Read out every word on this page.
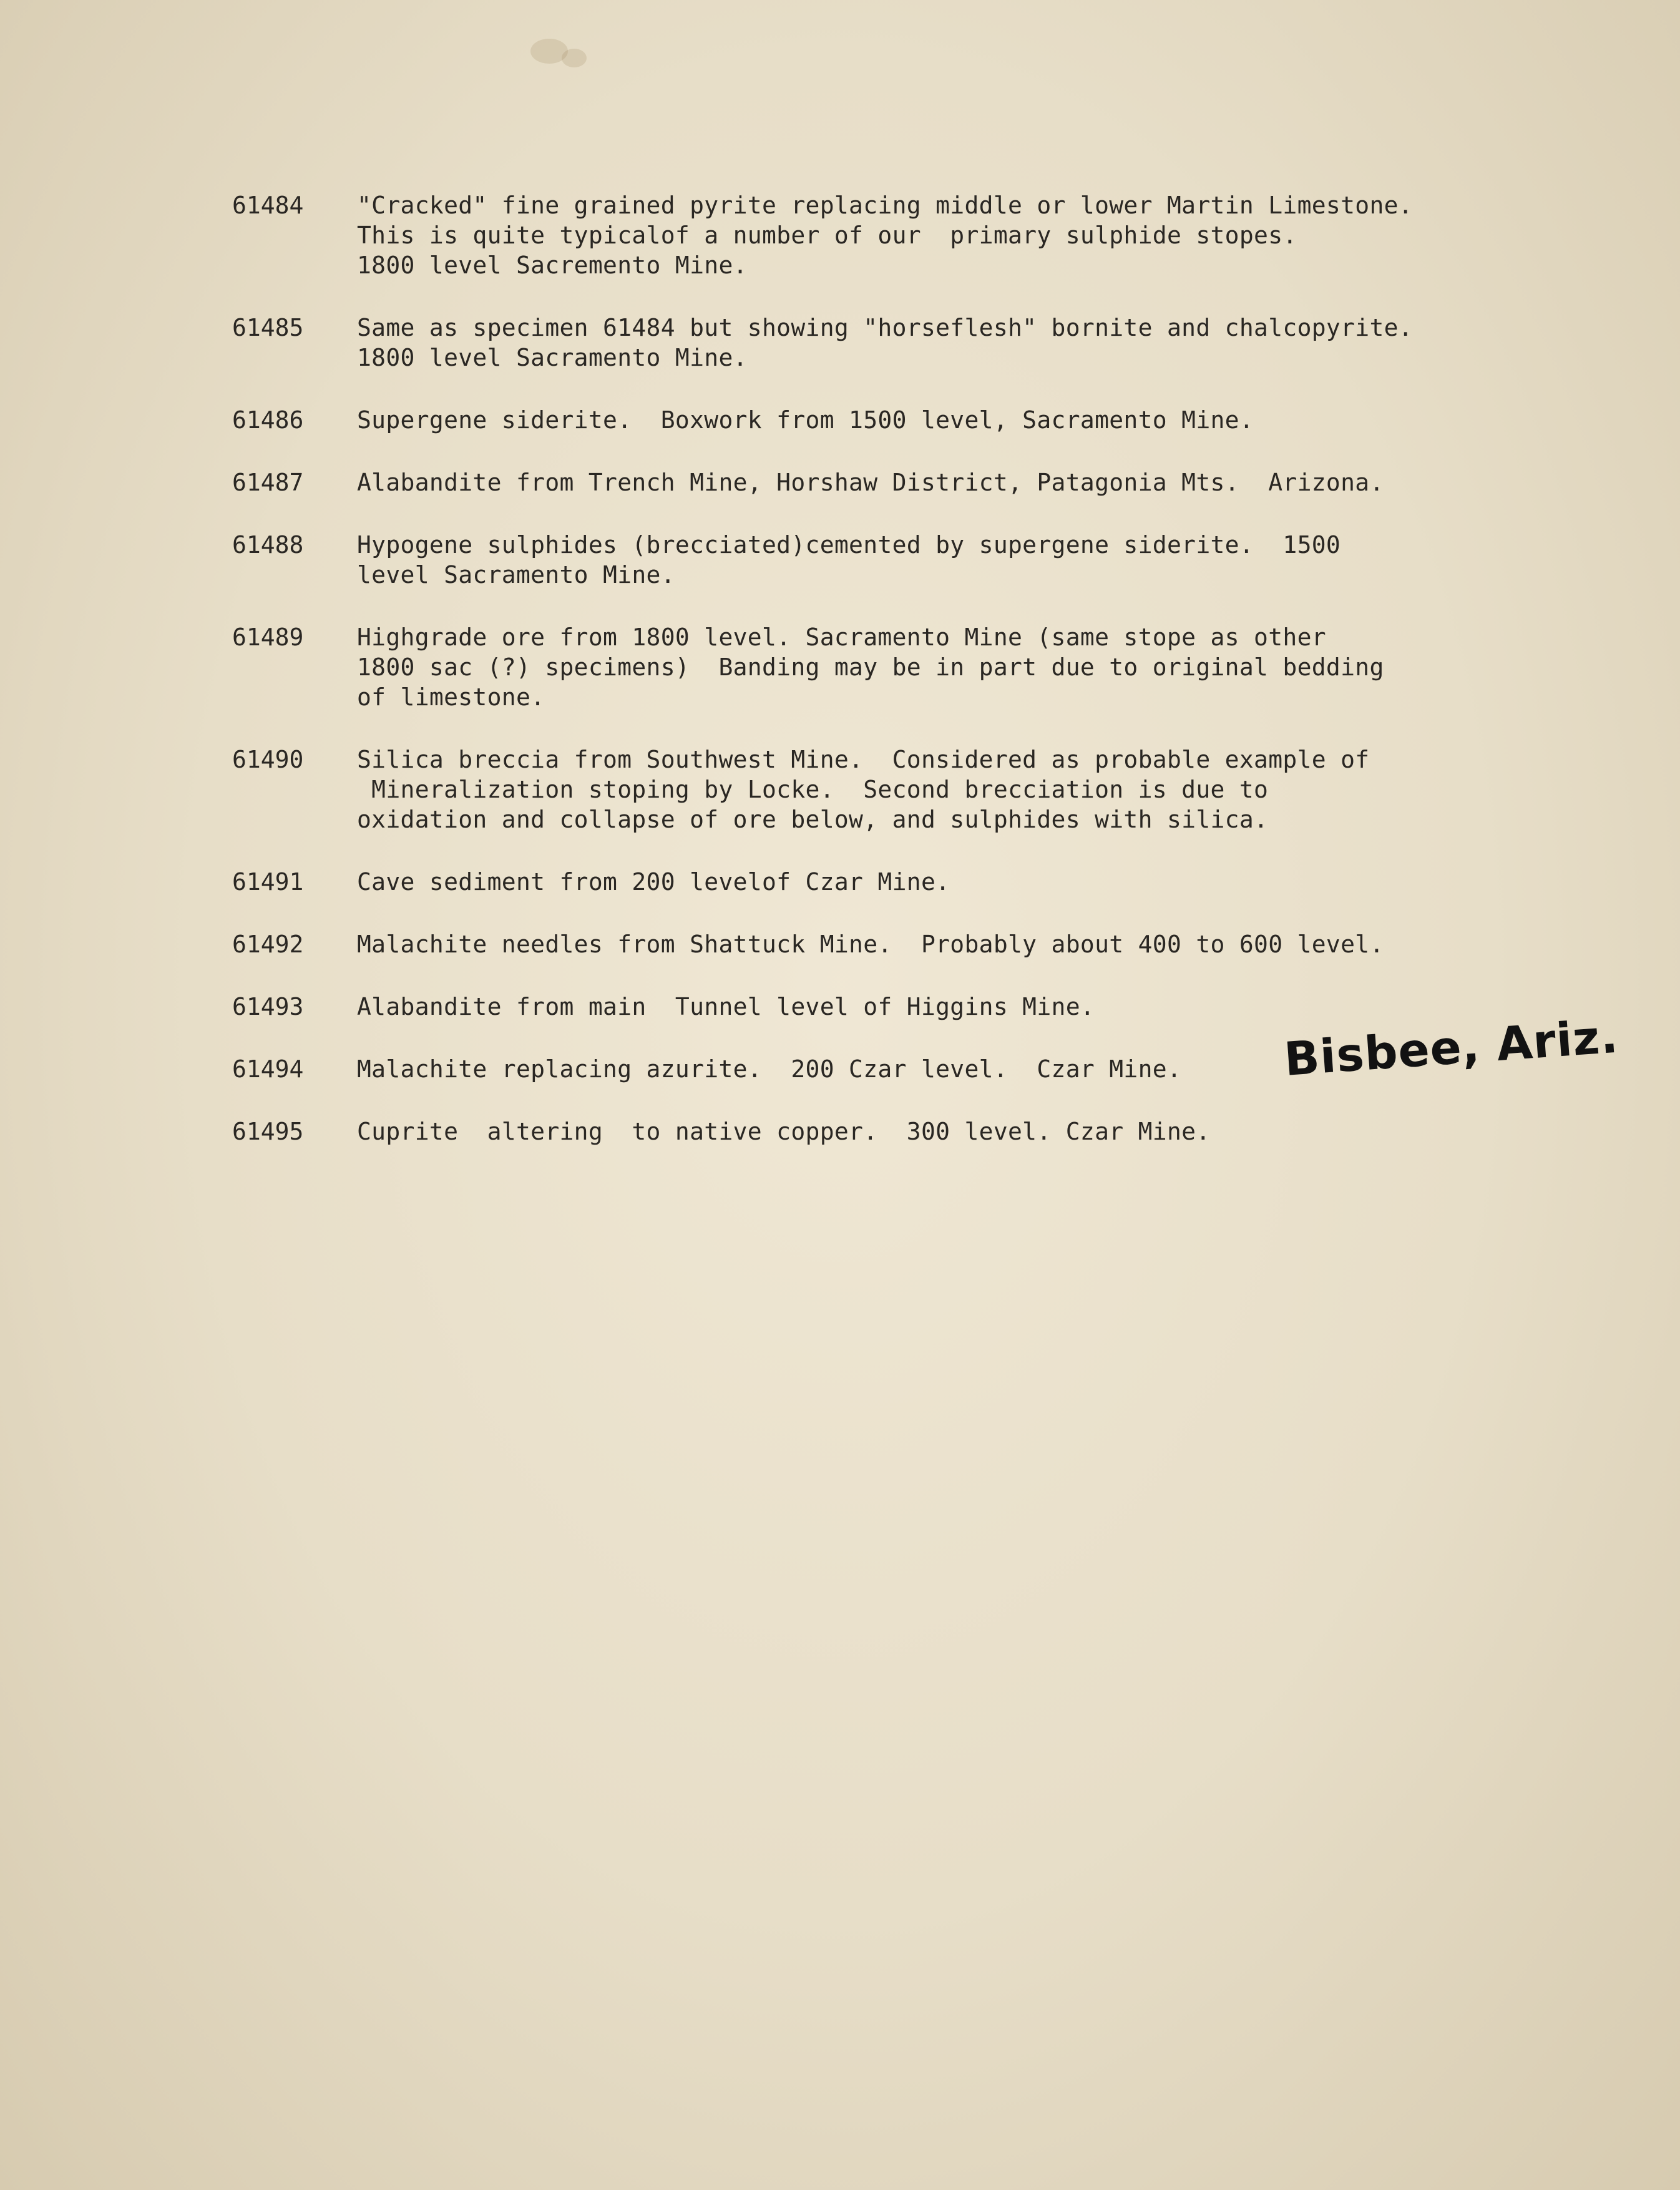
61484	"Cracked" fine grained pyrite replacing middle or lower Martin Limestone.
This is quite typicalof a number of our  primary sulphide stopes.
1800 level Sacremento Mine.
61485	Same as specimen 61484 but showing "horseflesh" bornite and chalcopyrite.
1800 level Sacramento Mine.
61486	Supergene siderite.  Boxwork from 1500 level, Sacramento Mine.
61487	Alabandite from Trench Mine, Horshaw District, Patagonia Mts.  Arizona.
61488	Hypogene sulphides (brecciated)cemented by supergene siderite.  1500
level Sacramento Mine.
61489	Highgrade ore from 1800 level. Sacramento Mine (same stope as other
1800 sac (?) specimens)  Banding may be in part due to original bedding
of limestone.
61490	Silica breccia from Southwest Mine.  Considered as probable example of
Mineralization stoping by Locke.  Second brecciation is due to
oxidation and collapse of ore below, and sulphides with silica.
61491	Cave sediment from 200 levelof Czar Mine.
61492	Malachite needles from Shattuck Mine.  Probably about 400 to 600 level.
61493	Alabandite from main  Tunnel level of Higgins Mine.
61494	Malachite replacing azurite.  200 Czar level.  Czar Mine.
61495	Cuprite  altering  to native copper.  300 level. Czar Mine.
Bisbee, Ariz.
